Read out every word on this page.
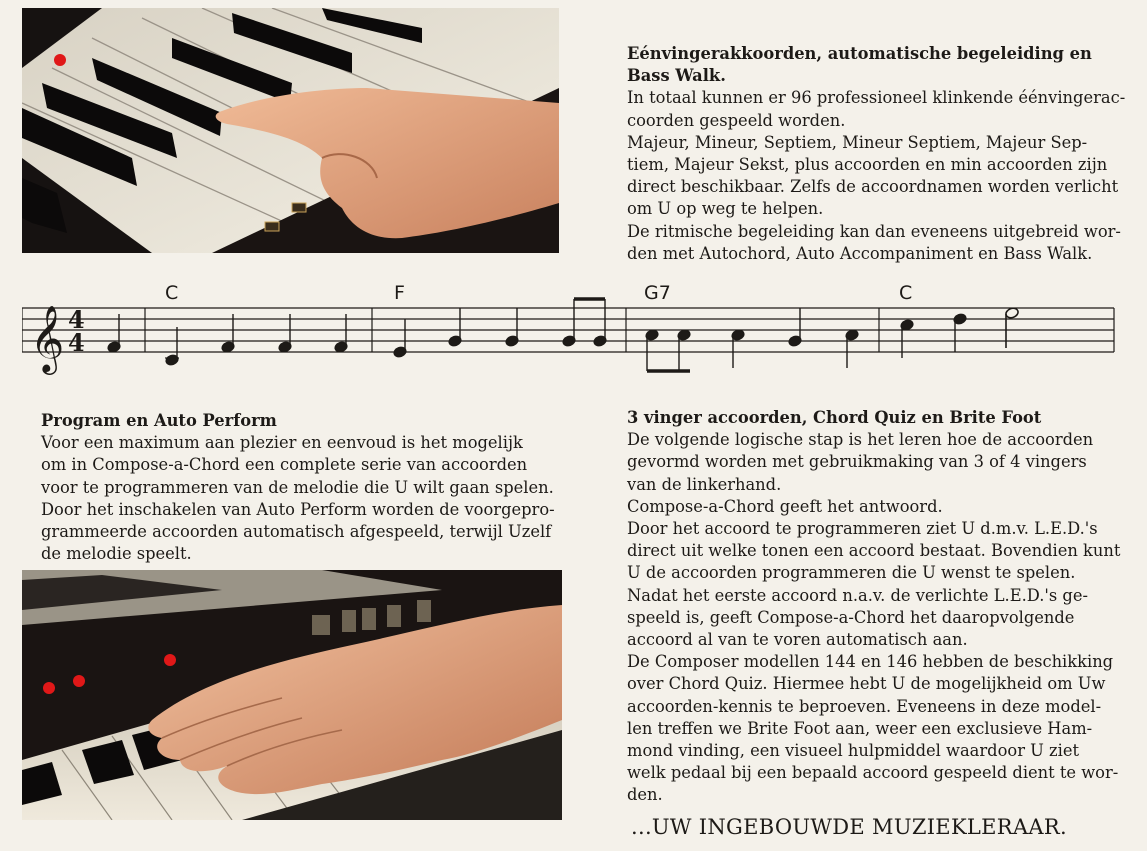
Eénvingerakkoorden, automatische begeleiding en Bass Walk.

In totaal kunnen er 96 professioneel klinkende éénvingerac-

coorden gespeeld worden.

Majeur, Mineur, Septiem, Mineur Septiem, Majeur Sep-

tiem, Majeur Sekst, plus accoorden en min accoorden zijn

direct beschikbaar. Zelfs de accoordnamen worden verlicht

om U op weg te helpen.

De ritmische begeleiding kan dan eveneens uitgebreid wor-

den met Autochord, Auto Accompaniment en Bass Walk.

C	F	G7	C
𝄞 4
4

Program en Auto Perform

Voor een maximum aan plezier en eenvoud is het mogelijk

om in Compose-a-Chord een complete serie van accoorden

voor te programmeren van de melodie die U wilt gaan spelen.

Door het inschakelen van Auto Perform worden de voorgepro-

grammeerde accoorden automatisch afgespeeld, terwijl Uzelf

de melodie speelt.

3 vinger accoorden, Chord Quiz en Brite Foot

De volgende logische stap is het leren hoe de accoorden

gevormd worden met gebruikmaking van 3 of 4 vingers

van de linkerhand.

Compose-a-Chord geeft het antwoord.

Door het accoord te programmeren ziet U d.m.v. L.E.D.'s

direct uit welke tonen een accoord bestaat. Bovendien kunt

U de accoorden programmeren die U wenst te spelen.

Nadat het eerste accoord n.a.v. de verlichte L.E.D.'s ge-

speeld is, geeft Compose-a-Chord het daaropvolgende

accoord al van te voren automatisch aan.

De Composer modellen 144 en 146 hebben de beschikking

over Chord Quiz. Hiermee hebt U de mogelijkheid om Uw

accoorden-kennis te beproeven. Eveneens in deze model-

len treffen we Brite Foot aan, weer een exclusieve Ham-

mond vinding, een visueel hulpmiddel waardoor U ziet

welk pedaal bij een bepaald accoord gespeeld dient te wor-

den.

...UW INGEBOUWDE MUZIEKLERAAR.
